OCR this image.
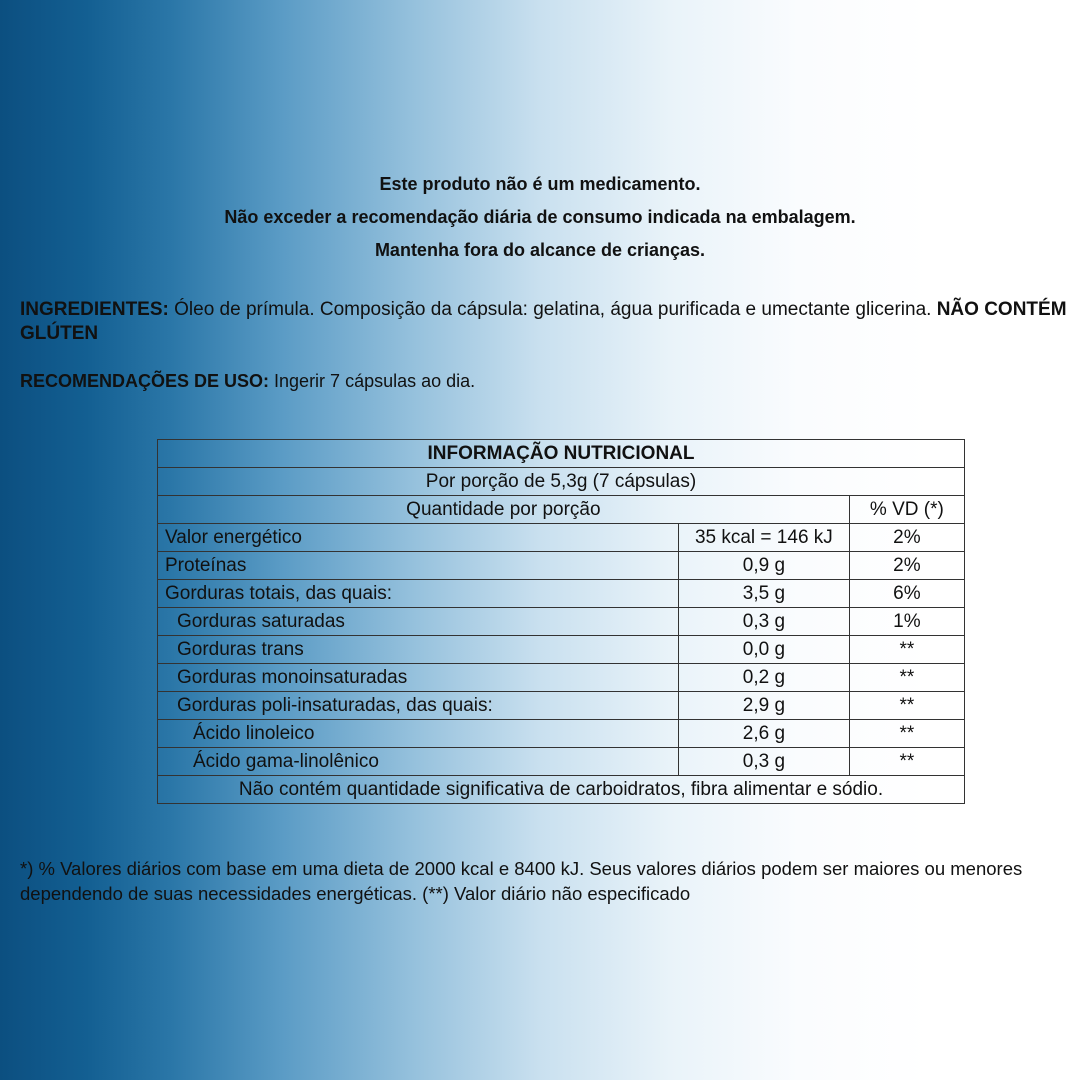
Este produto não é um medicamento.
Não exceder a recomendação diária de consumo indicada na embalagem.
Mantenha fora do alcance de crianças.
INGREDIENTES: Óleo de prímula. Composição da cápsula: gelatina, água purificada e umectante glicerina. NÃO CONTÉM GLÚTEN
RECOMENDAÇÕES DE USO: Ingerir 7 cápsulas ao dia.
INFORMAÇÃO NUTRICIONAL		
Por porção de 5,3g (7 cápsulas)		
Quantidade por porção		% VD (*)
Valor energético	35 kcal = 146 kJ	2%
Proteínas	0,9 g	2%
Gorduras totais, das quais:	3,5 g	6%
Gorduras saturadas	0,3 g	1%
Gorduras trans	0,0 g	**
Gorduras monoinsaturadas	0,2 g	**
Gorduras poli-insaturadas, das quais:	2,9 g	**
Ácido linoleico	2,6 g	**
Ácido gama-linolênico	0,3 g	**
Não contém quantidade significativa de carboidratos, fibra alimentar e sódio.		
*) % Valores diários com base em uma dieta de 2000 kcal e 8400 kJ. Seus valores diários podem ser maiores ou menores dependendo de suas necessidades energéticas. (**) Valor diário não especificado
